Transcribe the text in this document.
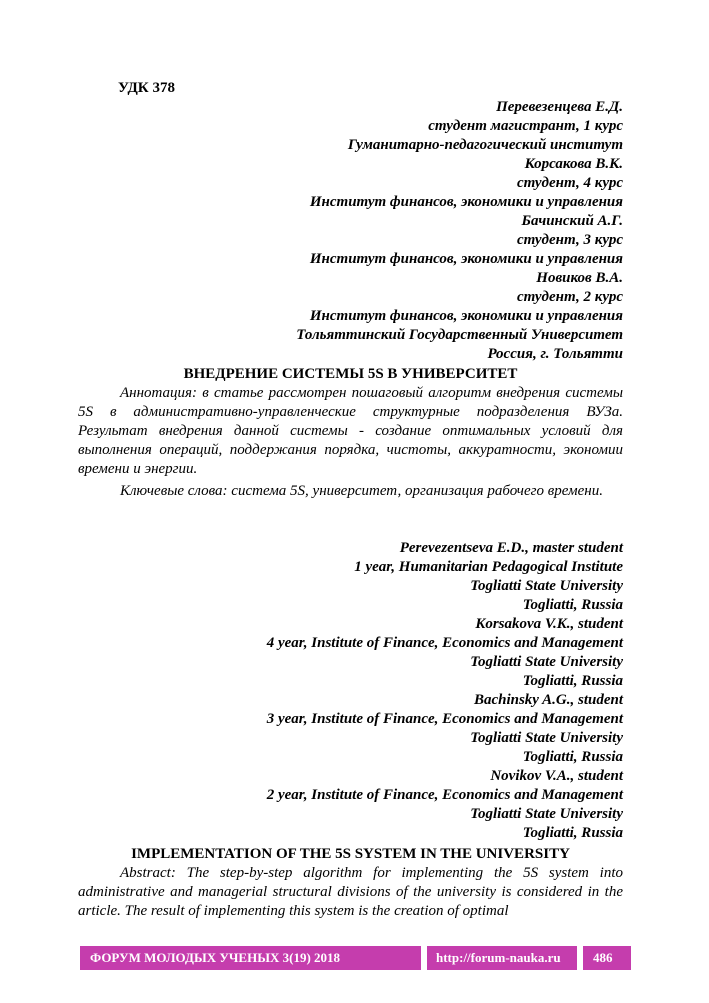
УДК 378
Перевезенцева Е.Д.
студент магистрант, 1 курс
Гуманитарно-педагогический институт
Корсакова В.К.
студент, 4 курс
Институт финансов, экономики и управления
Бачинский А.Г.
студент, 3 курс
Институт финансов, экономики и управления
Новиков В.А.
студент, 2 курс
Институт финансов, экономики и управления
Тольяттинский Государственный Университет
Россия, г. Тольятти
ВНЕДРЕНИЕ СИСТЕМЫ 5S В УНИВЕРСИТЕТ
Аннотация: в статье рассмотрен пошаговый алгоритм внедрения системы 5S в административно-управленческие структурные подразделения ВУЗа. Результат внедрения данной системы - создание оптимальных условий для выполнения операций, поддержания порядка, чистоты, аккуратности, экономии времени и энергии.
Ключевые слова: система 5S, университет, организация рабочего времени.
Perevezentseva E.D., master student
1 year, Humanitarian Pedagogical Institute
Togliatti State University
Togliatti, Russia
Korsakova V.K., student
4 year, Institute of Finance, Economics and Management
Togliatti State University
Togliatti, Russia
Bachinsky A.G., student
3 year, Institute of Finance, Economics and Management
Togliatti State University
Togliatti, Russia
Novikov V.A., student
2 year, Institute of Finance, Economics and Management
Togliatti State University
Togliatti, Russia
IMPLEMENTATION OF THE 5S SYSTEM IN THE UNIVERSITY
Abstract: The step-by-step algorithm for implementing the 5S system into administrative and managerial structural divisions of the university is considered in the article. The result of implementing this system is the creation of optimal
ФОРУМ МОЛОДЫХ УЧЕНЫХ 3(19) 2018	http://forum-nauka.ru 486
